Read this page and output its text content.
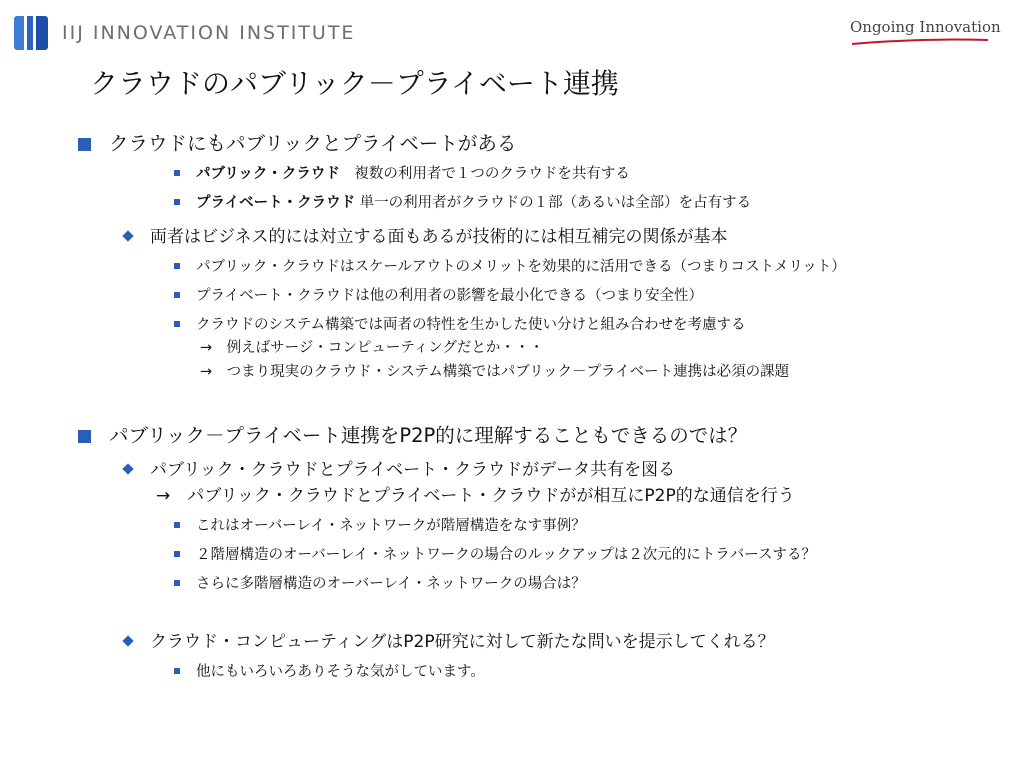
IIJ INNOVATION INSTITUTE	Ongoing Innovation
クラウドのパブリック－プライベート連携
クラウドにもパブリックとプライベートがある
パブリック・クラウド　複数の利用者で１つのクラウドを共有する
プライベート・クラウド 単一の利用者がクラウドの１部（あるいは全部）を占有する
両者はビジネス的には対立する面もあるが技術的には相互補完の関係が基本
パブリック・クラウドはスケールアウトのメリットを効果的に活用できる（つまりコストメリット）
プライベート・クラウドは他の利用者の影響を最小化できる（つまり安全性）
クラウドのシステム構築では両者の特性を生かした使い分けと組み合わせを考慮する
→　例えばサージ・コンピューティングだとか・・・
→　つまり現実のクラウド・システム構築ではパブリック－プライベート連携は必須の課題
パブリック－プライベート連携をP2P的に理解することもできるのでは？
パブリック・クラウドとプライベート・クラウドがデータ共有を図る
→　パブリック・クラウドとプライベート・クラウドがが相互にP2P的な通信を行う
これはオーバーレイ・ネットワークが階層構造をなす事例？
２階層構造のオーバーレイ・ネットワークの場合のルックアップは２次元的にトラバースする？
さらに多階層構造のオーバーレイ・ネットワークの場合は？
クラウド・コンピューティングはP2P研究に対して新たな問いを提示してくれる？
他にもいろいろありそうな気がしています。
